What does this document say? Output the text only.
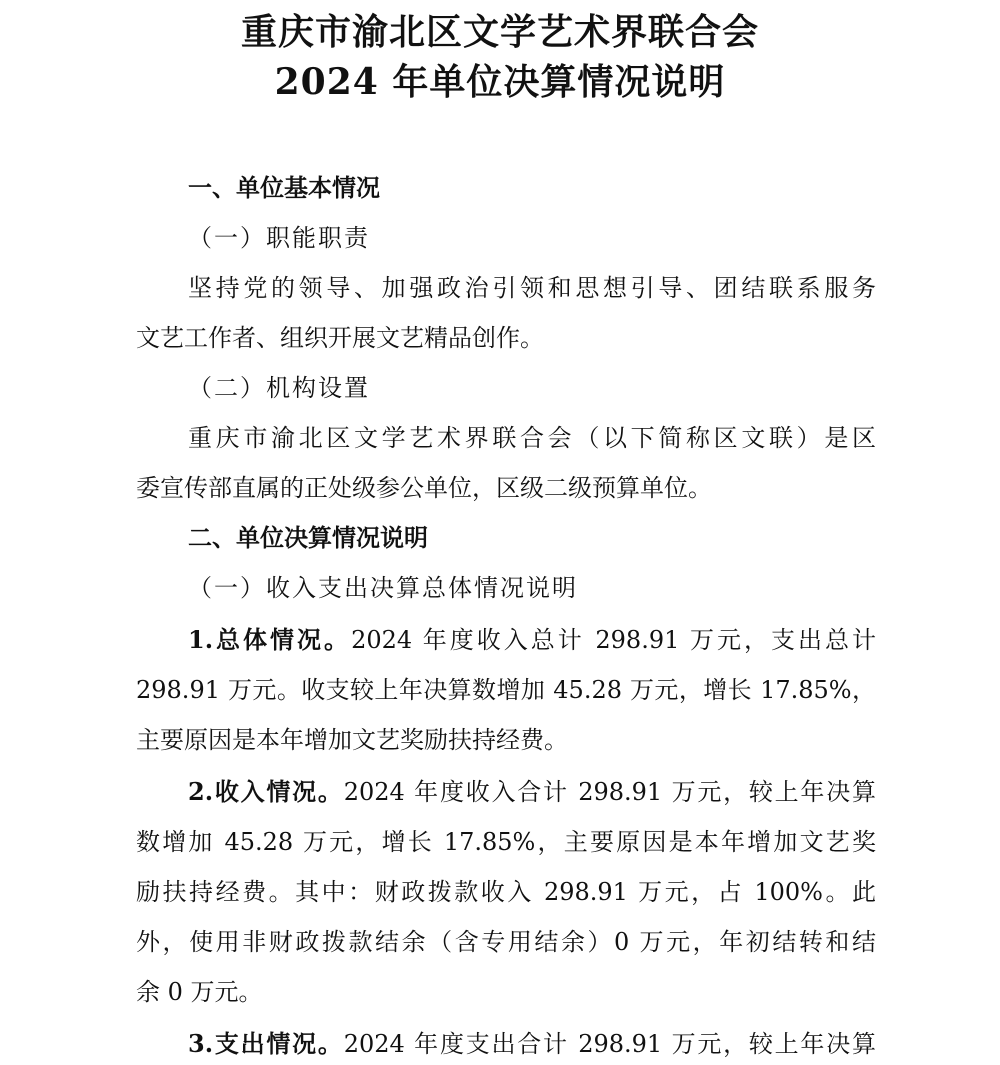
重庆市渝北区文学艺术界联合会
2024 年单位决算情况说明
一、单位基本情况
（一）职能职责
坚持党的领导、加强政治引领和思想引导、团结联系服务
文艺工作者、组织开展文艺精品创作。
（二）机构设置
重庆市渝北区文学艺术界联合会（以下简称区文联）是区
委宣传部直属的正处级参公单位，区级二级预算单位。
二、单位决算情况说明
（一）收入支出决算总体情况说明
1.总体情况。2024 年度收入总计 298.91 万元，支出总计
298.91 万元。收支较上年决算数增加 45.28 万元，增长 17.85%，
主要原因是本年增加文艺奖励扶持经费。
2.收入情况。2024 年度收入合计 298.91 万元，较上年决算
数增加 45.28 万元，增长 17.85%，主要原因是本年增加文艺奖
励扶持经费。其中：财政拨款收入 298.91 万元，占 100%。此
外，使用非财政拨款结余（含专用结余）0 万元，年初结转和结
余 0 万元。
3.支出情况。2024 年度支出合计 298.91 万元，较上年决算
